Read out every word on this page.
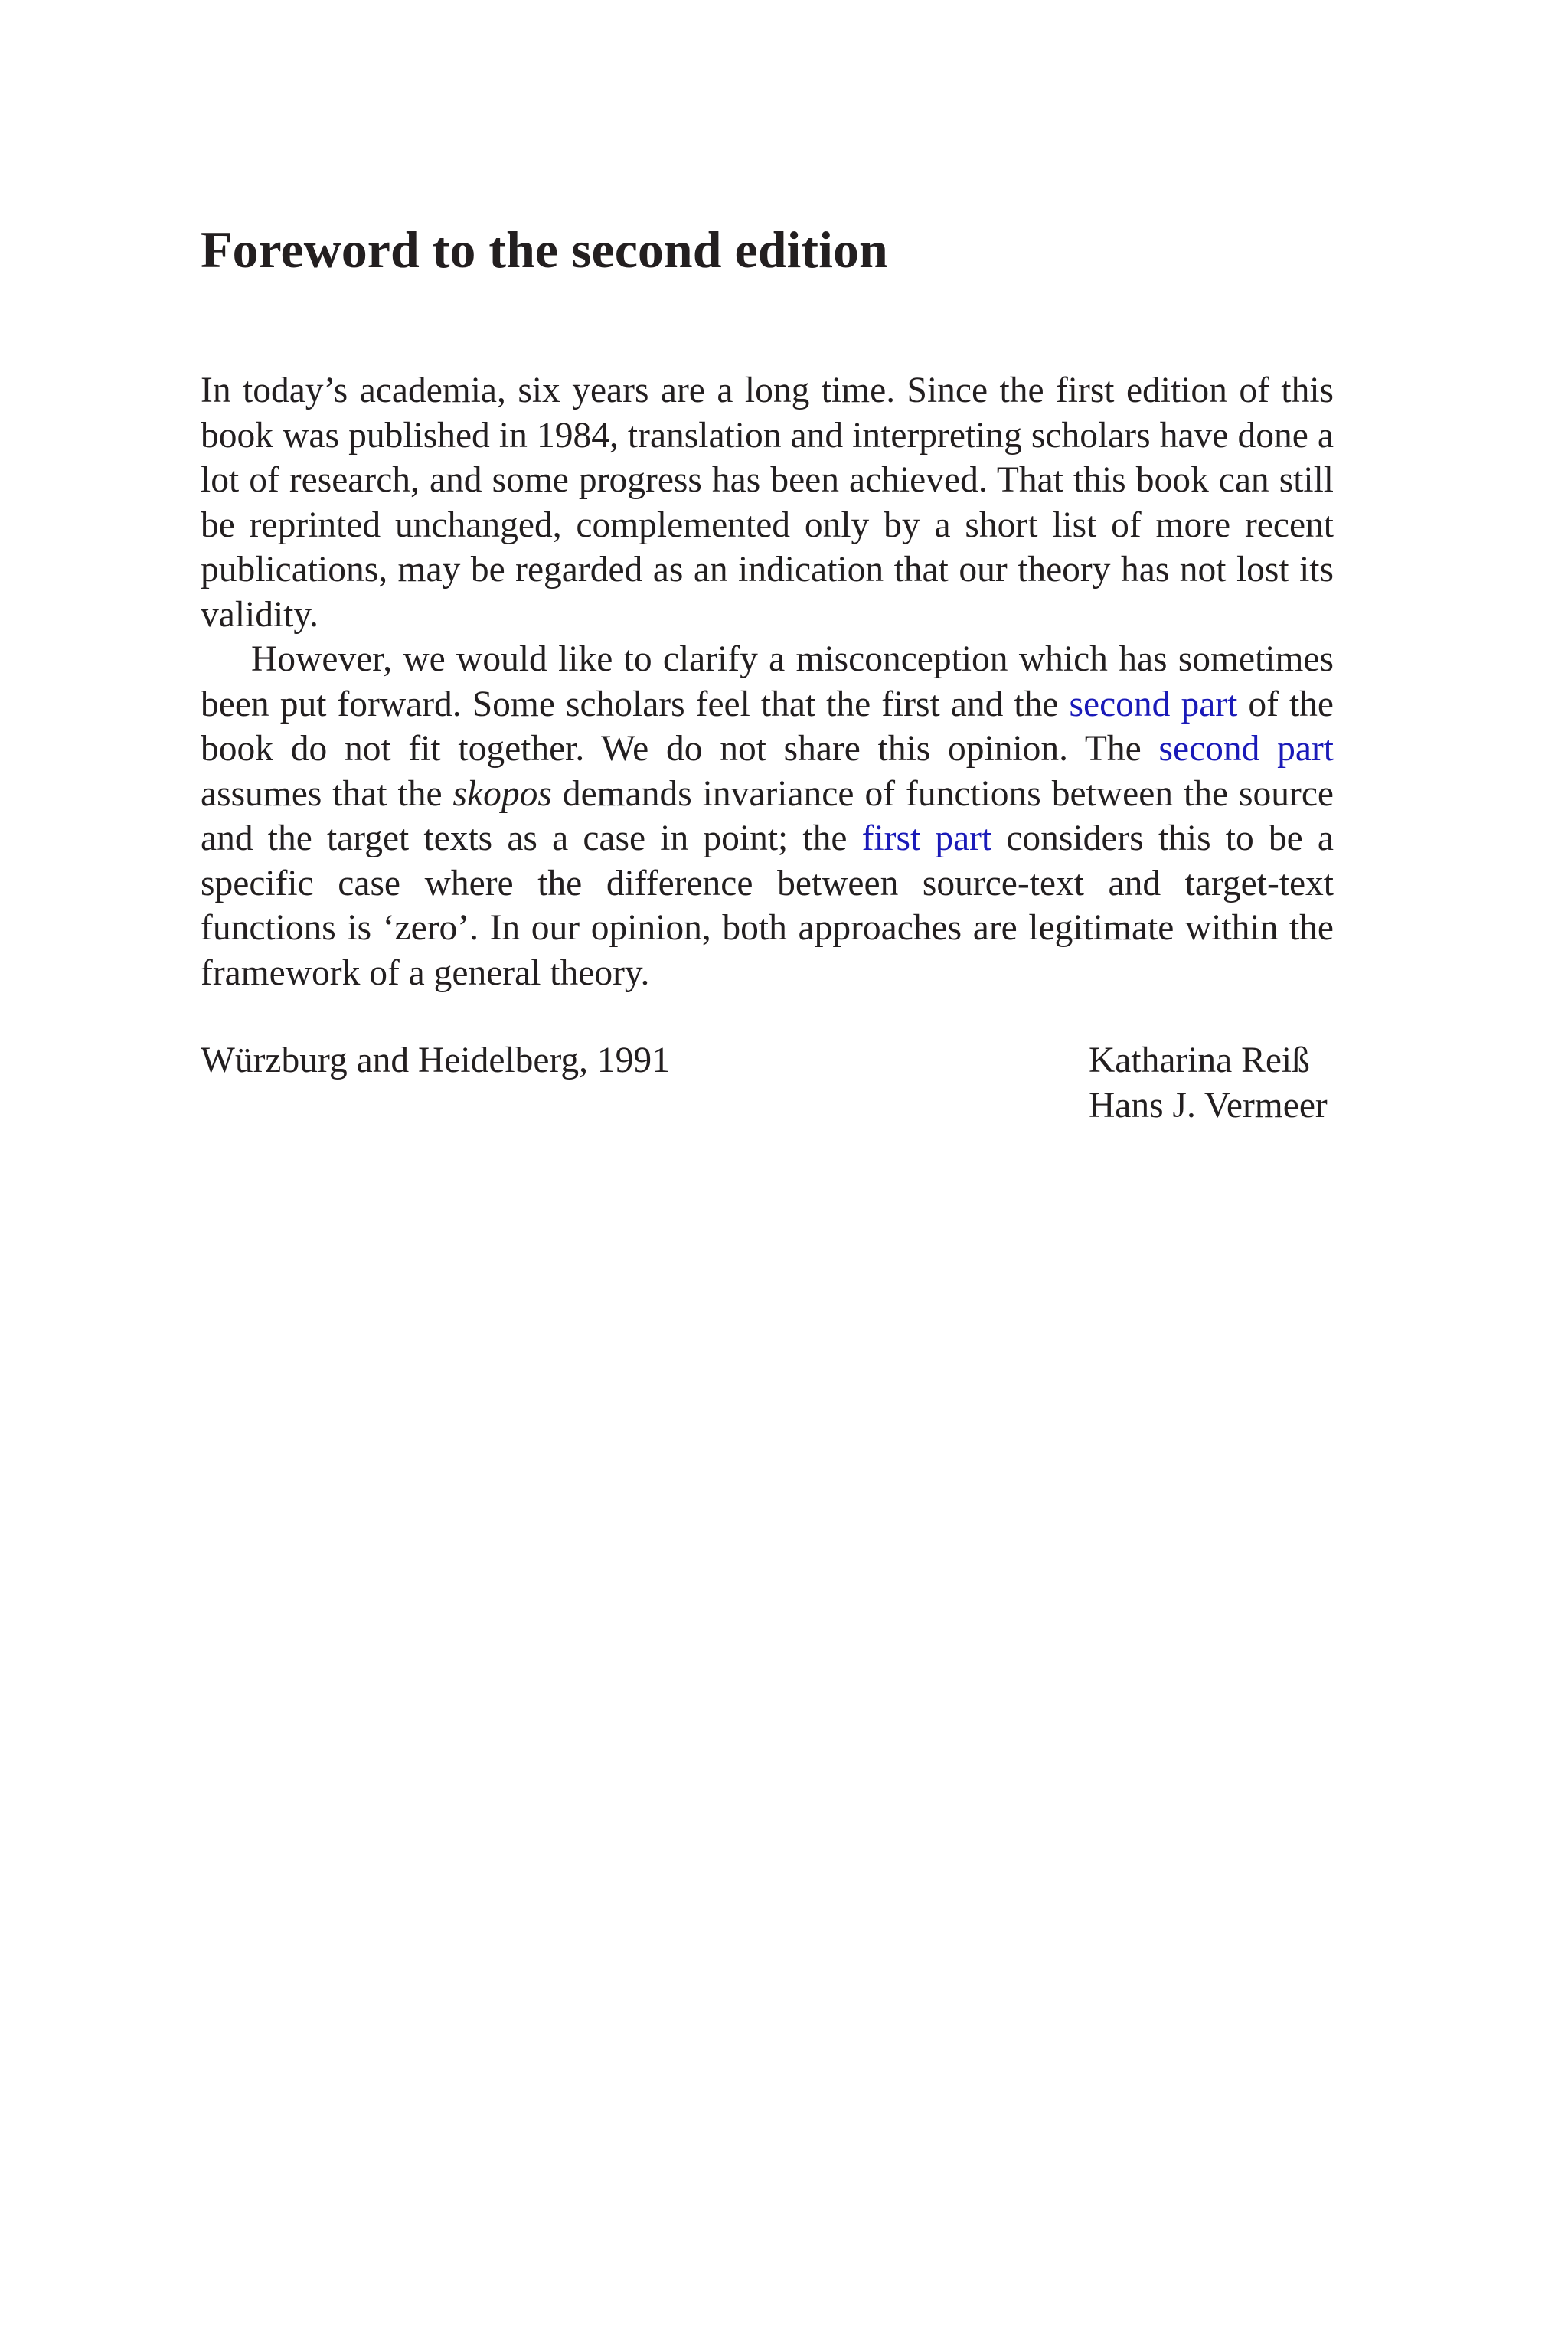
Foreword to the second edition

In today’s academia, six years are a long time. Since the first edition of this book was published in 1984, translation and interpreting scholars have done a lot of research, and some progress has been achieved. That this book can still be reprinted unchanged, complemented only by a short list of more recent publications, may be regarded as an indication that our theory has not lost its validity.

However, we would like to clarify a misconception which has sometimes been put forward. Some scholars feel that the first and the second part of the book do not fit together. We do not share this opinion. The second part assumes that the skopos demands invariance of functions between the source and the target texts as a case in point; the first part considers this to be a specific case where the difference between source-text and target-text functions is ‘zero’. In our opinion, both approaches are legitimate within the framework of a general theory.

Würzburg and Heidelberg, 1991	Katharina Reiß
Hans J. Vermeer
